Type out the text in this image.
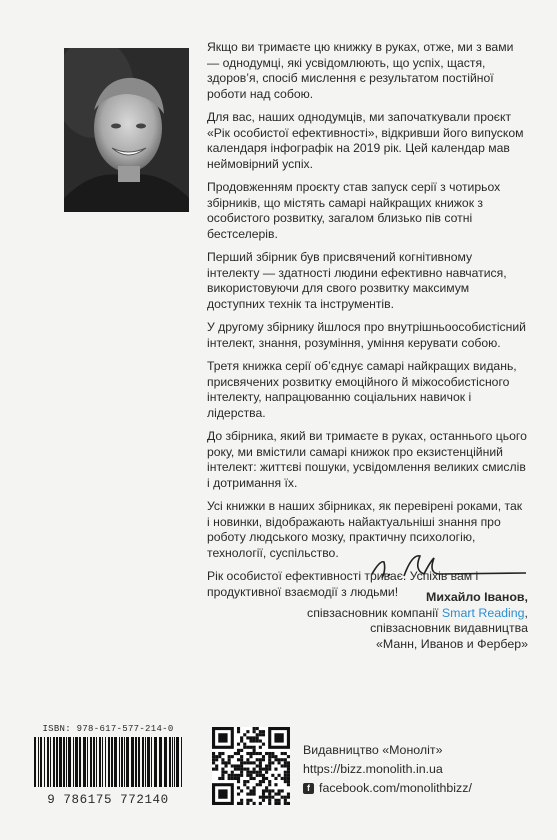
Якщо ви тримаєте цю книжку в руках, отже, ми з вами — однодумці, які усвідомлюють, що успіх, щастя, здоров’я, спосіб мислення є результатом постійної роботи над собою.

Для вас, наших однодумців, ми започаткували проєкт «Рік особистої ефективності», відкривши його випуском календаря інфографік на 2019 рік. Цей календар мав неймовірний успіх.

Продовженням проєкту став запуск серії з чотирьох збірників, що містять самарі найкращих книжок з особистого розвитку, загалом близько пів сотні бестселерів.

Перший збірник був присвячений когнітивному інтелекту — здатності людини ефективно навчатися, використовуючи для свого розвитку максимум доступних технік та інструментів.

У другому збірнику йшлося про внутрішньоособистісний інтелект, знання, розуміння, уміння керувати собою.

Третя книжка серії об’єднує самарі найкращих видань, присвячених розвитку емоційного й міжособистісного інтелекту, напрацюванню соціальних навичок і лідерства.

До збірника, який ви тримаєте в руках, останнього цього року, ми вмістили самарі книжок про екзистенційний інтелект: життєві пошуки, усвідомлення великих смислів і дотримання їх.

Усі книжки в наших збірниках, як перевірені роками, так і новинки, відображають найактуальніші знання про роботу людського мозку, практичну психологію, технології, суспільство.

Рік особистої ефективності триває. Успіхів вам і продуктивної взаємодії з людьми!	Михайло Іванов,
співзасновник компанії Smart Reading,
співзасновник видавництва
«Манн, Иванов и Фербер»
ISBN: 978-617-577-214-0
9 786175 772140
Видавництво «Моноліт»
https://bizz.monolith.in.ua
f facebook.com/monolithbizz/
